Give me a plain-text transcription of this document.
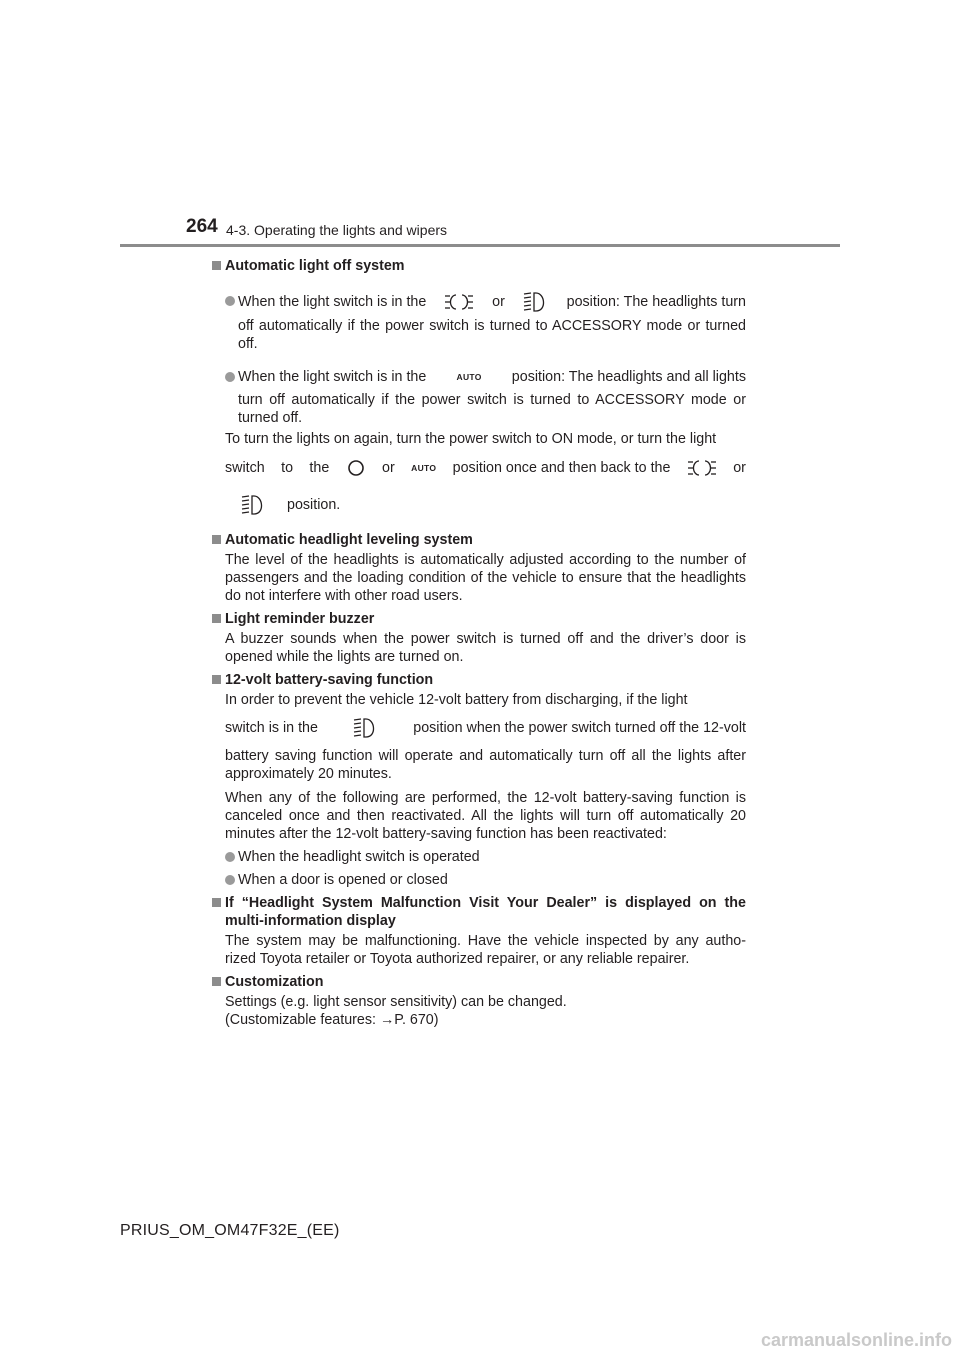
264 4-3. Operating the lights and wipers
Automatic light off system
When the light switch is in the	or	position: The headlights turn
off automatically if the power switch is turned to ACCESSORY mode or turned off.
When the light switch is in the	AUTO position: The headlights and all lights
turn off automatically if the power switch is turned to ACCESSORY mode or turned off.
To turn the lights on again, turn the power switch to ON mode, or turn the light
switch to the	or AUTO position once and then back to the	or
position.
Automatic headlight leveling system
The level of the headlights is automatically adjusted according to the number of passengers and the loading condition of the vehicle to ensure that the headlights do not interfere with other road users.
Light reminder buzzer
A buzzer sounds when the power switch is turned off and the driver’s door is opened while the lights are turned on.
12-volt battery-saving function
In order to prevent the vehicle 12-volt battery from discharging, if the light
switch is in the	position when the power switch turned off the 12-volt
battery saving function will operate and automatically turn off all the lights after approximately 20 minutes.
When any of the following are performed, the 12-volt battery-saving function is canceled once and then reactivated. All the lights will turn off automatically 20 minutes after the 12-volt battery-saving function has been reactivated:
When the headlight switch is operated
When a door is opened or closed
If “Headlight System Malfunction Visit Your Dealer” is displayed on the multi-information display
The system may be malfunctioning. Have the vehicle inspected by any autho-rized Toyota retailer or Toyota authorized repairer, or any reliable repairer.
Customization
Settings (e.g. light sensor sensitivity) can be changed.
(Customizable features: →P. 670)
PRIUS_OM_OM47F32E_(EE)
carmanualsonline.info
